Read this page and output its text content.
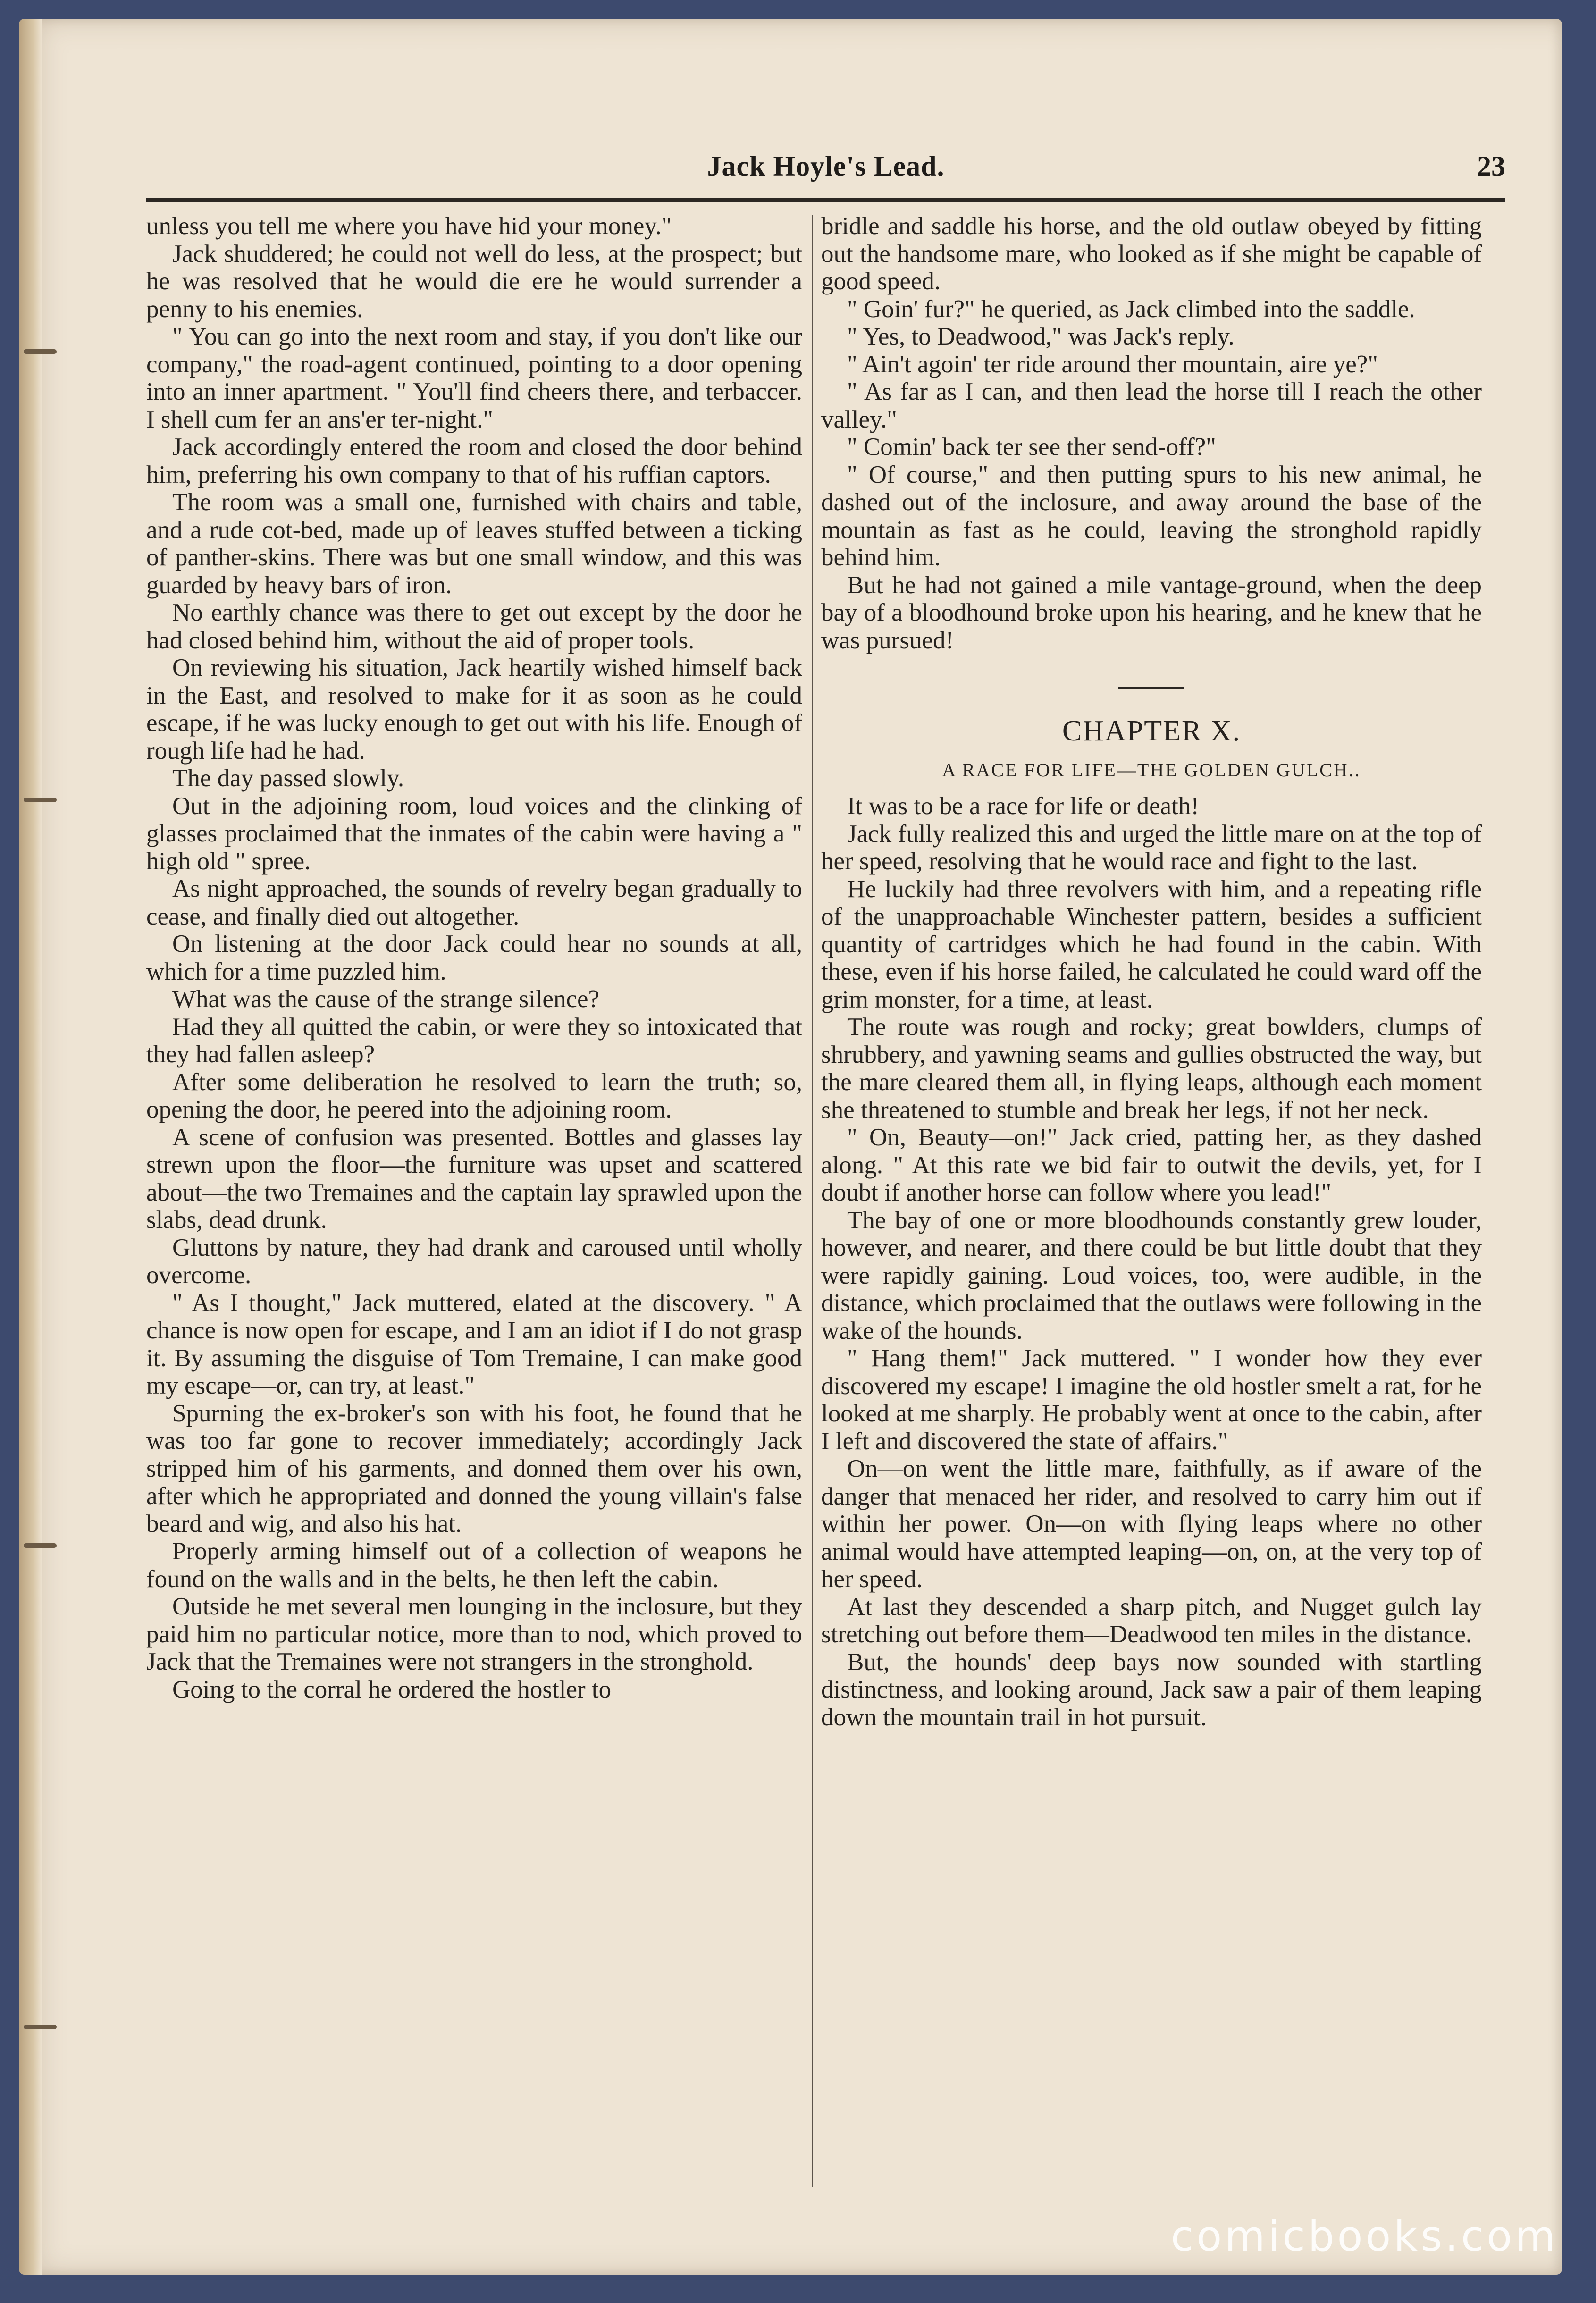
Jack Hoyle's Lead.	23

unless you tell me where you have hid your money."

Jack shuddered; he could not well do less, at the prospect; but he was resolved that he would die ere he would surrender a penny to his enemies.

" You can go into the next room and stay, if you don't like our company," the road-agent continued, pointing to a door opening into an inner apartment. " You'll find cheers there, and terbaccer. I shell cum fer an ans'er ter-night."

Jack accordingly entered the room and closed the door behind him, preferring his own company to that of his ruffian captors.

The room was a small one, furnished with chairs and table, and a rude cot-bed, made up of leaves stuffed between a ticking of panther-skins. There was but one small window, and this was guarded by heavy bars of iron.

No earthly chance was there to get out except by the door he had closed behind him, without the aid of proper tools.

On reviewing his situation, Jack heartily wished himself back in the East, and resolved to make for it as soon as he could escape, if he was lucky enough to get out with his life. Enough of rough life had he had.

The day passed slowly.

Out in the adjoining room, loud voices and the clinking of glasses proclaimed that the inmates of the cabin were having a " high old " spree.

As night approached, the sounds of revelry began gradually to cease, and finally died out altogether.

On listening at the door Jack could hear no sounds at all, which for a time puzzled him.

What was the cause of the strange silence?

Had they all quitted the cabin, or were they so intoxicated that they had fallen asleep?

After some deliberation he resolved to learn the truth; so, opening the door, he peered into the adjoining room.

A scene of confusion was presented. Bottles and glasses lay strewn upon the floor—the furniture was upset and scattered about—the two Tremaines and the captain lay sprawled upon the slabs, dead drunk.

Gluttons by nature, they had drank and caroused until wholly overcome.

" As I thought," Jack muttered, elated at the discovery. " A chance is now open for escape, and I am an idiot if I do not grasp it. By assuming the disguise of Tom Tremaine, I can make good my escape—or, can try, at least."

Spurning the ex-broker's son with his foot, he found that he was too far gone to recover immediately; accordingly Jack stripped him of his garments, and donned them over his own, after which he appropriated and donned the young villain's false beard and wig, and also his hat.

Properly arming himself out of a collection of weapons he found on the walls and in the belts, he then left the cabin.

Outside he met several men lounging in the inclosure, but they paid him no particular notice, more than to nod, which proved to Jack that the Tremaines were not strangers in the stronghold.

Going to the corral he ordered the hostler to

bridle and saddle his horse, and the old outlaw obeyed by fitting out the handsome mare, who looked as if she might be capable of good speed.

" Goin' fur?" he queried, as Jack climbed into the saddle.

" Yes, to Deadwood," was Jack's reply.

" Ain't agoin' ter ride around ther mountain, aire ye?"

" As far as I can, and then lead the horse till I reach the other valley."

" Comin' back ter see ther send-off?"

" Of course," and then putting spurs to his new animal, he dashed out of the inclosure, and away around the base of the mountain as fast as he could, leaving the stronghold rapidly behind him.

But he had not gained a mile vantage-ground, when the deep bay of a bloodhound broke upon his hearing, and he knew that he was pursued!

CHAPTER X.
A RACE FOR LIFE—THE GOLDEN GULCH..

It was to be a race for life or death!

Jack fully realized this and urged the little mare on at the top of her speed, resolving that he would race and fight to the last.

He luckily had three revolvers with him, and a repeating rifle of the unapproachable Winchester pattern, besides a sufficient quantity of cartridges which he had found in the cabin. With these, even if his horse failed, he calculated he could ward off the grim monster, for a time, at least.

The route was rough and rocky; great bowlders, clumps of shrubbery, and yawning seams and gullies obstructed the way, but the mare cleared them all, in flying leaps, although each moment she threatened to stumble and break her legs, if not her neck.

" On, Beauty—on!" Jack cried, patting her, as they dashed along. " At this rate we bid fair to outwit the devils, yet, for I doubt if another horse can follow where you lead!"

The bay of one or more bloodhounds constantly grew louder, however, and nearer, and there could be but little doubt that they were rapidly gaining. Loud voices, too, were audible, in the distance, which proclaimed that the outlaws were following in the wake of the hounds.

" Hang them!" Jack muttered. " I wonder how they ever discovered my escape! I imagine the old hostler smelt a rat, for he looked at me sharply. He probably went at once to the cabin, after I left and discovered the state of affairs."

On—on went the little mare, faithfully, as if aware of the danger that menaced her rider, and resolved to carry him out if within her power. On—on with flying leaps where no other animal would have attempted leaping—on, on, at the very top of her speed.

At last they descended a sharp pitch, and Nugget gulch lay stretching out before them—Deadwood ten miles in the distance.

But, the hounds' deep bays now sounded with startling distinctness, and looking around, Jack saw a pair of them leaping down the mountain trail in hot pursuit.

comicbooks.com
